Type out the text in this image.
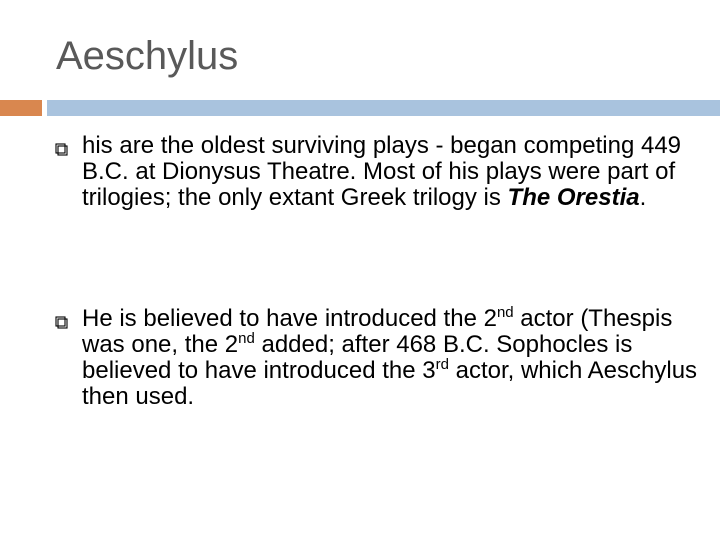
Aeschylus
his are the oldest surviving plays - began competing 449 B.C. at Dionysus Theatre. Most of his plays were part of trilogies; the only extant Greek trilogy is The Orestia.
He is believed to have introduced the 2nd actor (Thespis was one, the 2nd added; after 468 B.C. Sophocles is believed to have introduced the 3rd actor, which Aeschylus then used.
